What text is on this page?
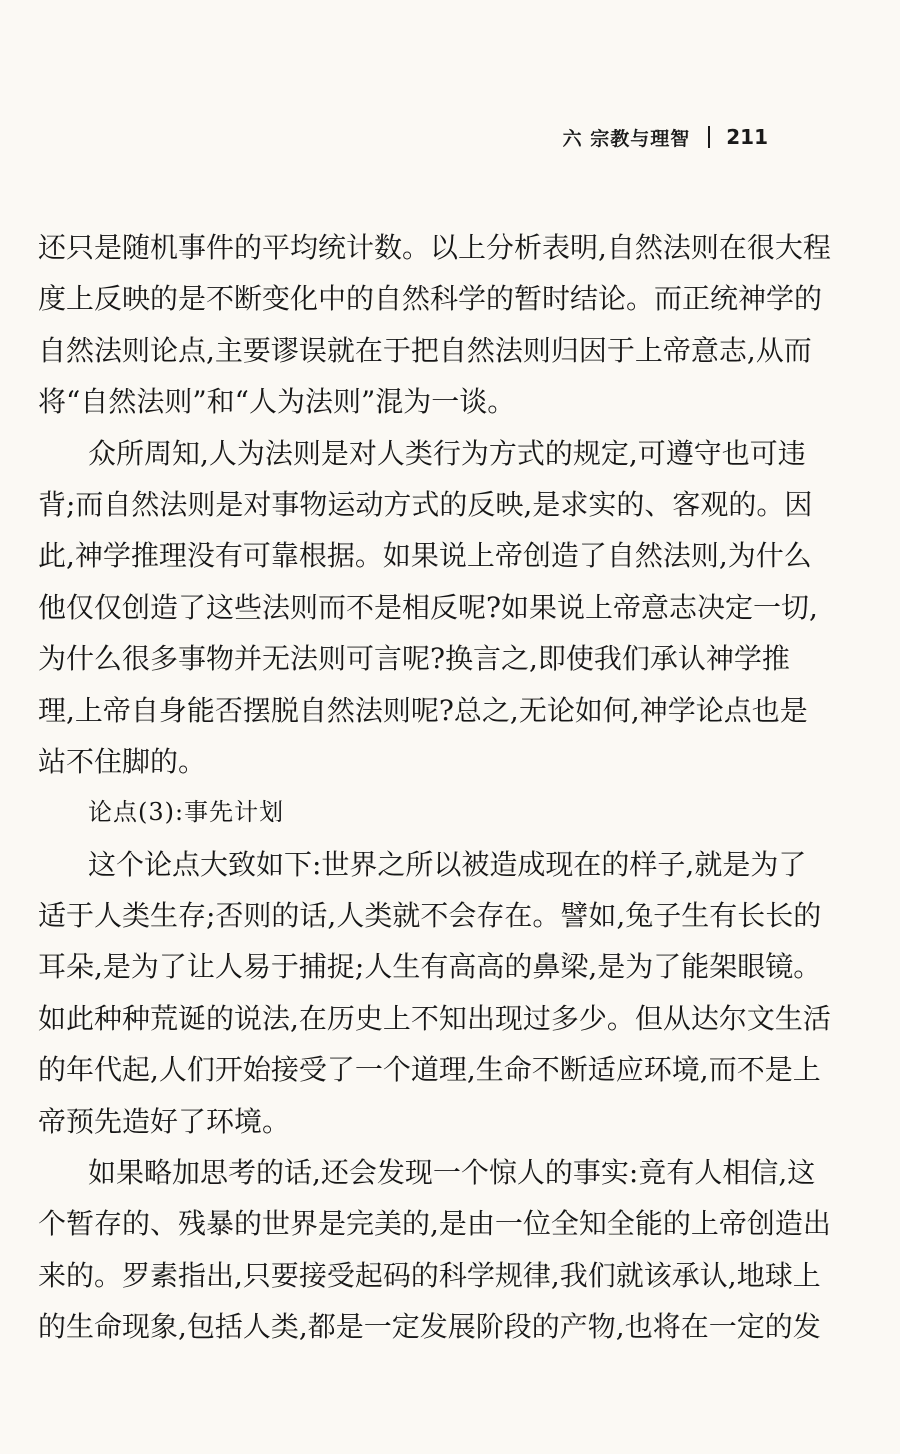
六 宗教与理智 211
还只是随机事件的平均统计数。以上分析表明,自然法则在很大程
度上反映的是不断变化中的自然科学的暂时结论。而正统神学的
自然法则论点,主要谬误就在于把自然法则归因于上帝意志,从而
将“自然法则”和“人为法则”混为一谈。
众所周知,人为法则是对人类行为方式的规定,可遵守也可违
背;而自然法则是对事物运动方式的反映,是求实的、客观的。因
此,神学推理没有可靠根据。如果说上帝创造了自然法则,为什么
他仅仅创造了这些法则而不是相反呢?如果说上帝意志决定一切,
为什么很多事物并无法则可言呢?换言之,即使我们承认神学推
理,上帝自身能否摆脱自然法则呢?总之,无论如何,神学论点也是
站不住脚的。
论点(3):事先计划
这个论点大致如下:世界之所以被造成现在的样子,就是为了
适于人类生存;否则的话,人类就不会存在。譬如,兔子生有长长的
耳朵,是为了让人易于捕捉;人生有高高的鼻梁,是为了能架眼镜。
如此种种荒诞的说法,在历史上不知出现过多少。但从达尔文生活
的年代起,人们开始接受了一个道理,生命不断适应环境,而不是上
帝预先造好了环境。
如果略加思考的话,还会发现一个惊人的事实:竟有人相信,这
个暂存的、残暴的世界是完美的,是由一位全知全能的上帝创造出
来的。罗素指出,只要接受起码的科学规律,我们就该承认,地球上
的生命现象,包括人类,都是一定发展阶段的产物,也将在一定的发
